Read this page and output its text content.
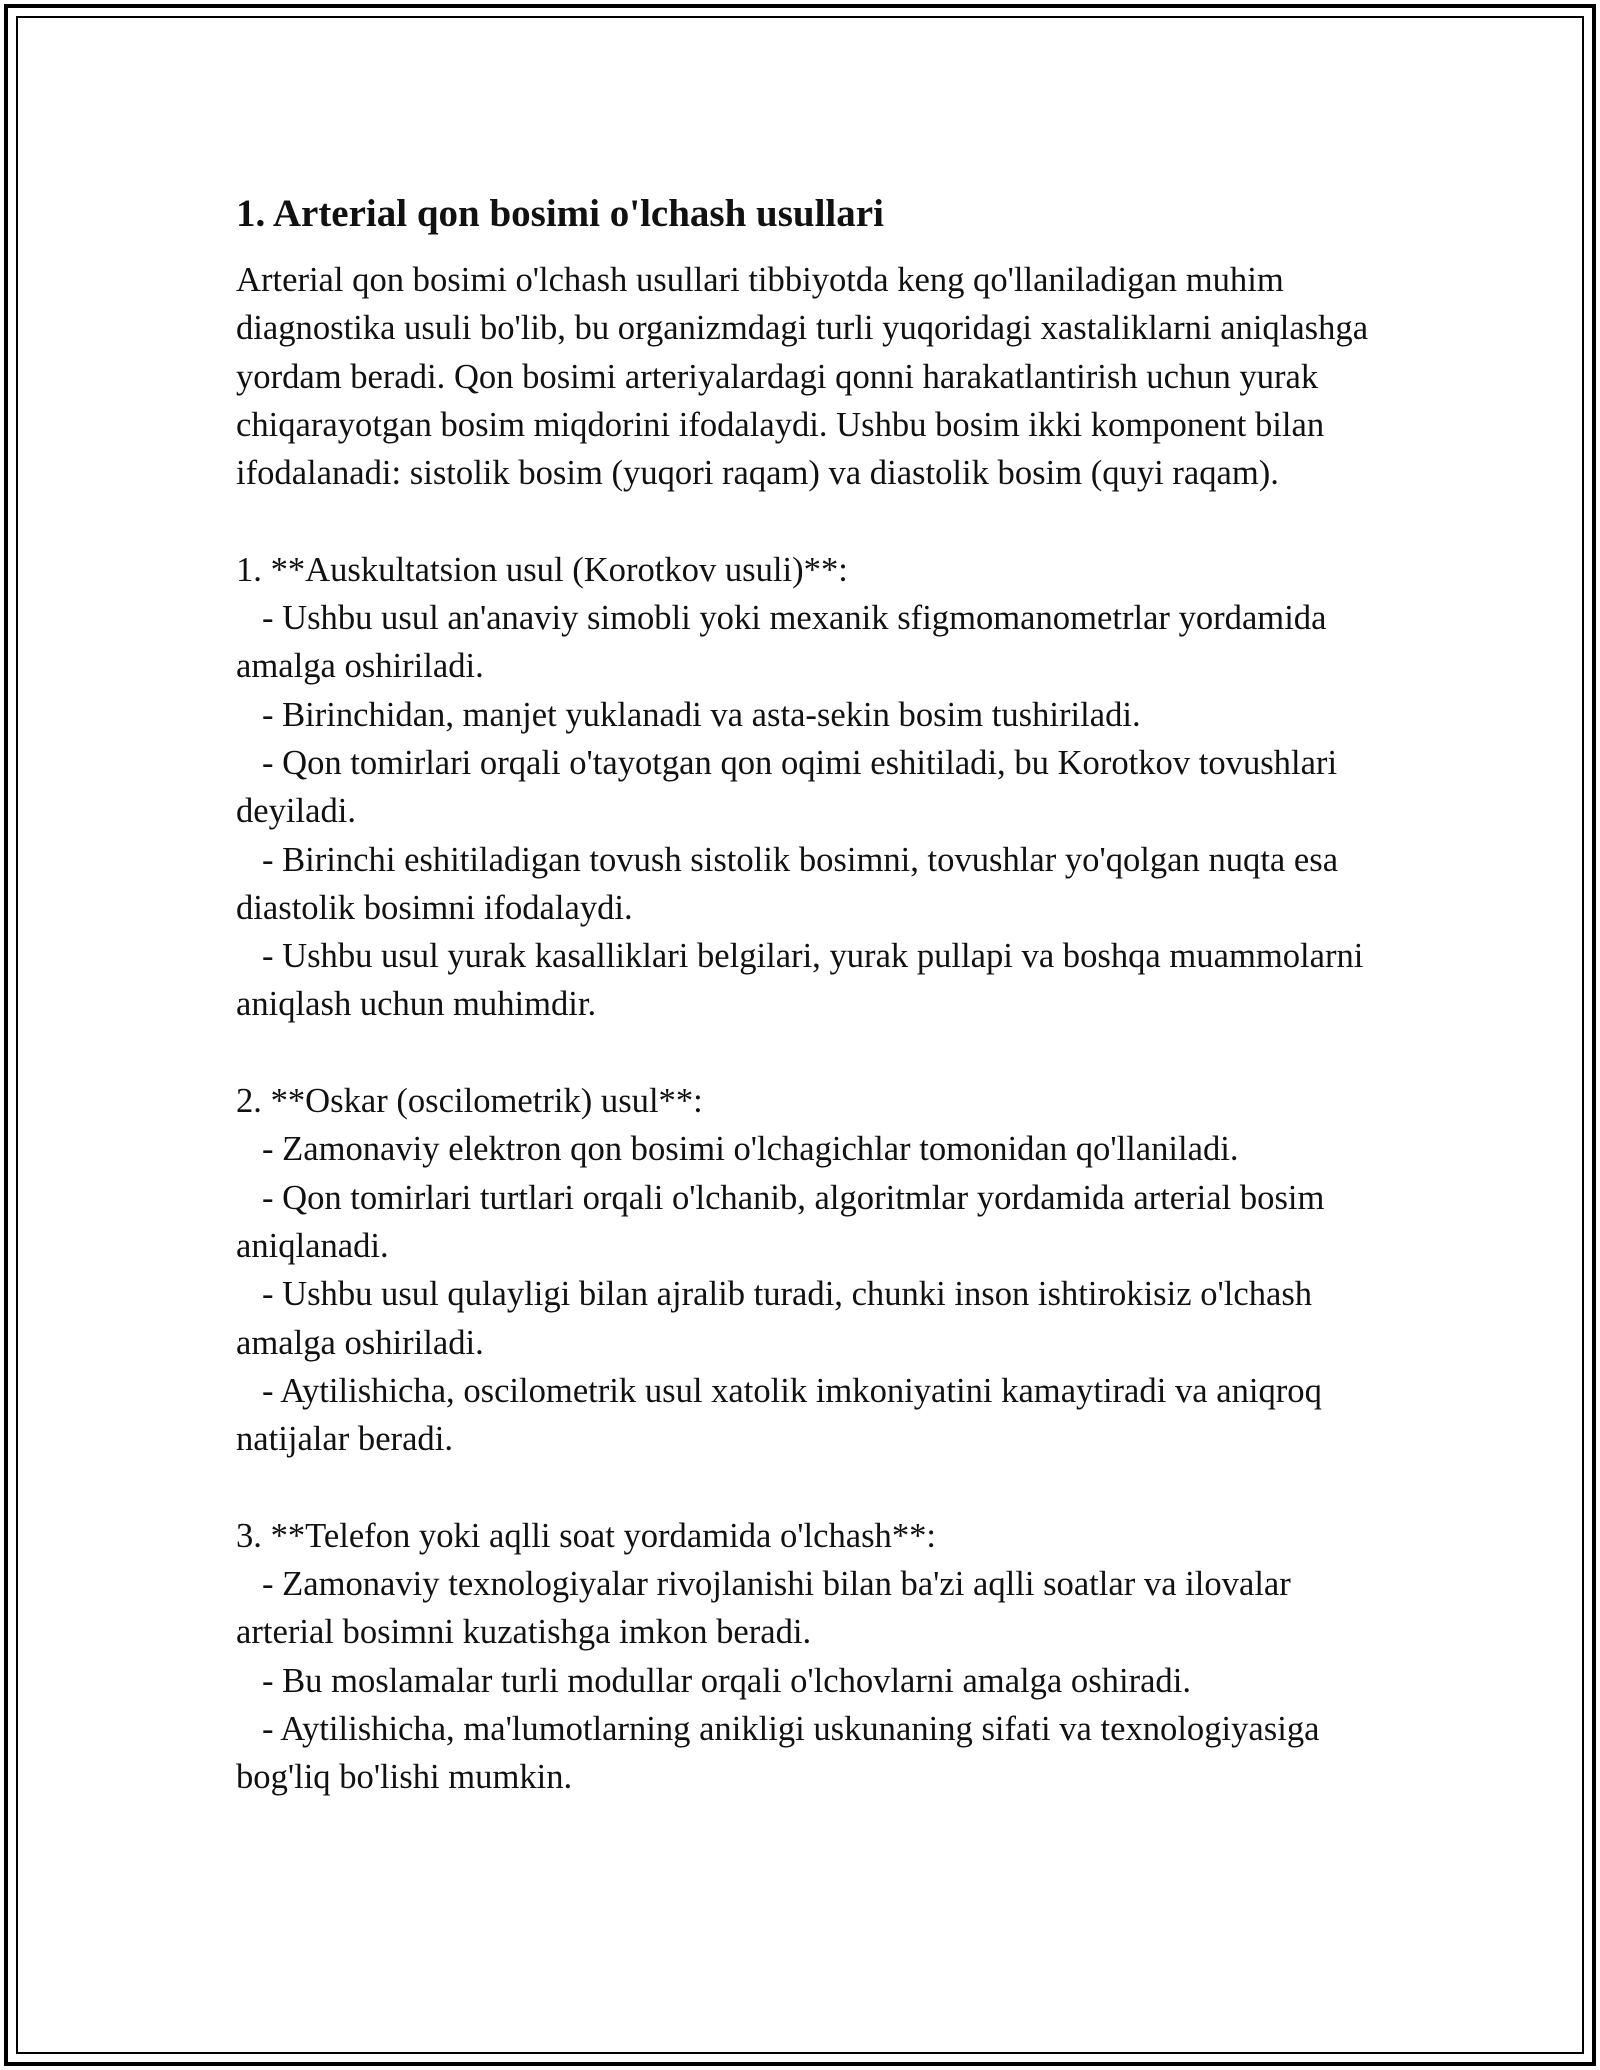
1. Arterial qon bosimi o'lchash usullari

Arterial qon bosimi o'lchash usullari tibbiyotda keng qo'llaniladigan muhim diagnostika usuli bo'lib, bu organizmdagi turli yuqoridagi xastaliklarni aniqlashga yordam beradi. Qon bosimi arteriyalardagi qonni harakatlantirish uchun yurak chiqarayotgan bosim miqdorini ifodalaydi. Ushbu bosim ikki komponent bilan ifodalanadi: sistolik bosim (yuqori raqam) va diastolik bosim (quyi raqam).

1. **Auskultatsion usul (Korotkov usuli)**:
- Ushbu usul an'anaviy simobli yoki mexanik sfigmomanometrlar yordamida amalga oshiriladi.
- Birinchidan, manjet yuklanadi va asta-sekin bosim tushiriladi.
- Qon tomirlari orqali o'tayotgan qon oqimi eshitiladi, bu Korotkov tovushlari deyiladi.
- Birinchi eshitiladigan tovush sistolik bosimni, tovushlar yo'qolgan nuqta esa diastolik bosimni ifodalaydi.
- Ushbu usul yurak kasalliklari belgilari, yurak pullapi va boshqa muammolarni aniqlash uchun muhimdir.

2. **Oskar (oscilometrik) usul**:
- Zamonaviy elektron qon bosimi o'lchagichlar tomonidan qo'llaniladi.
- Qon tomirlari turtlari orqali o'lchanib, algoritmlar yordamida arterial bosim aniqlanadi.
- Ushbu usul qulayligi bilan ajralib turadi, chunki inson ishtirokisiz o'lchash amalga oshiriladi.
- Aytilishicha, oscilometrik usul xatolik imkoniyatini kamaytiradi va aniqroq natijalar beradi.

3. **Telefon yoki aqlli soat yordamida o'lchash**:
- Zamonaviy texnologiyalar rivojlanishi bilan ba'zi aqlli soatlar va ilovalar arterial bosimni kuzatishga imkon beradi.
- Bu moslamalar turli modullar orqali o'lchovlarni amalga oshiradi.
- Aytilishicha, ma'lumotlarning anikligi uskunaning sifati va texnologiyasiga bog'liq bo'lishi mumkin.
